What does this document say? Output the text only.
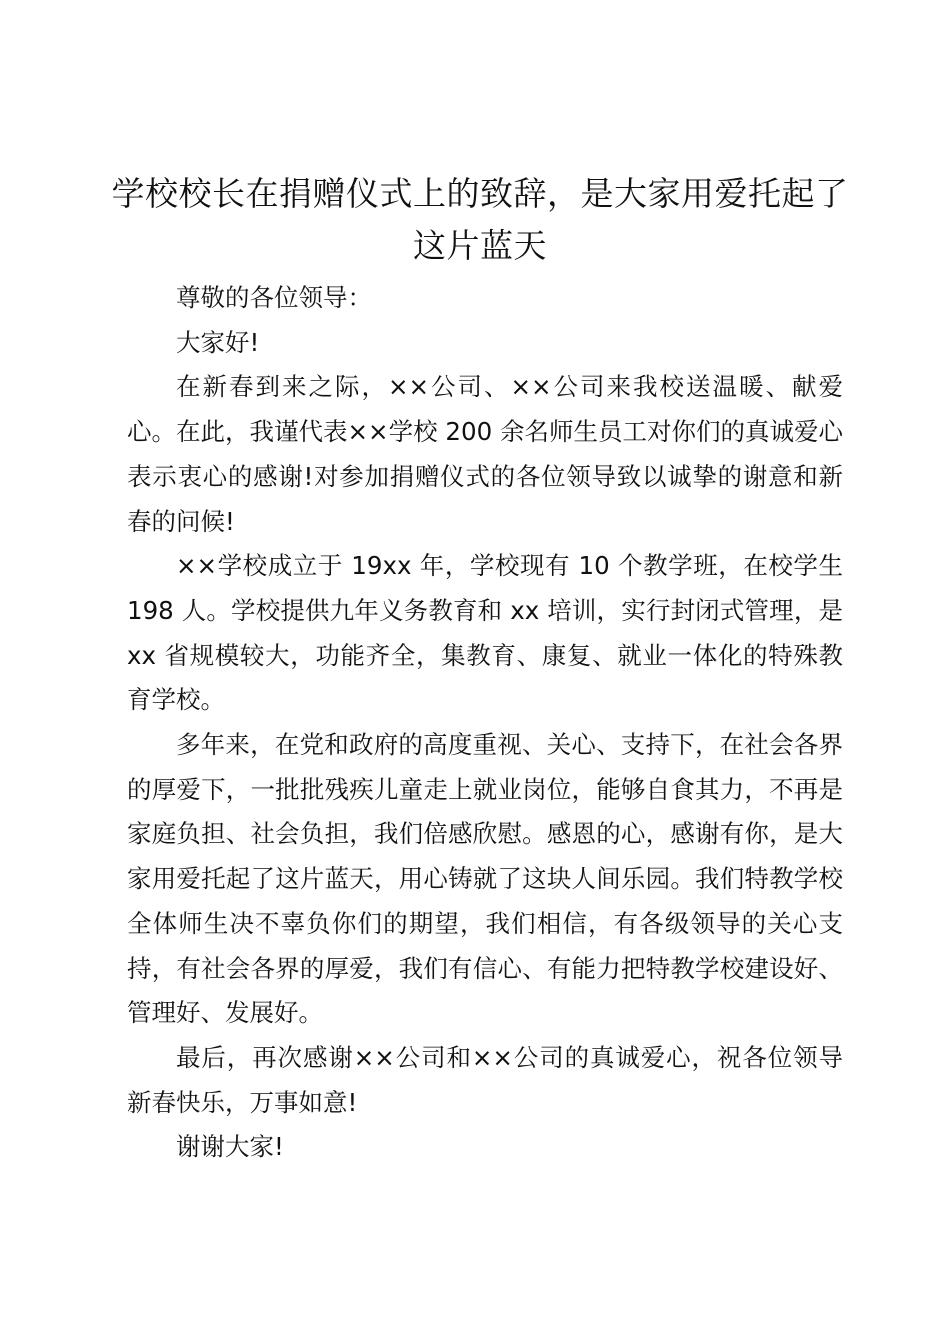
学校校长在捐赠仪式上的致辞，是大家用爱托起了这片蓝天

尊敬的各位领导：

大家好!

在新春到来之际，××公司、××公司来我校送温暖、献爱心。在此，我谨代表××学校 200 余名师生员工对你们的真诚爱心表示衷心的感谢!对参加捐赠仪式的各位领导致以诚挚的谢意和新春的问候!

××学校成立于 19xx 年，学校现有 10 个教学班，在校学生 198 人。学校提供九年义务教育和 xx 培训，实行封闭式管理，是 xx 省规模较大，功能齐全，集教育、康复、就业一体化的特殊教育学校。

多年来，在党和政府的高度重视、关心、支持下，在社会各界的厚爱下，一批批残疾儿童走上就业岗位，能够自食其力，不再是家庭负担、社会负担，我们倍感欣慰。感恩的心，感谢有你，是大家用爱托起了这片蓝天，用心铸就了这块人间乐园。我们特教学校全体师生决不辜负你们的期望，我们相信，有各级领导的关心支持，有社会各界的厚爱，我们有信心、有能力把特教学校建设好、管理好、发展好。

最后，再次感谢××公司和××公司的真诚爱心，祝各位领导新春快乐，万事如意!

谢谢大家!
